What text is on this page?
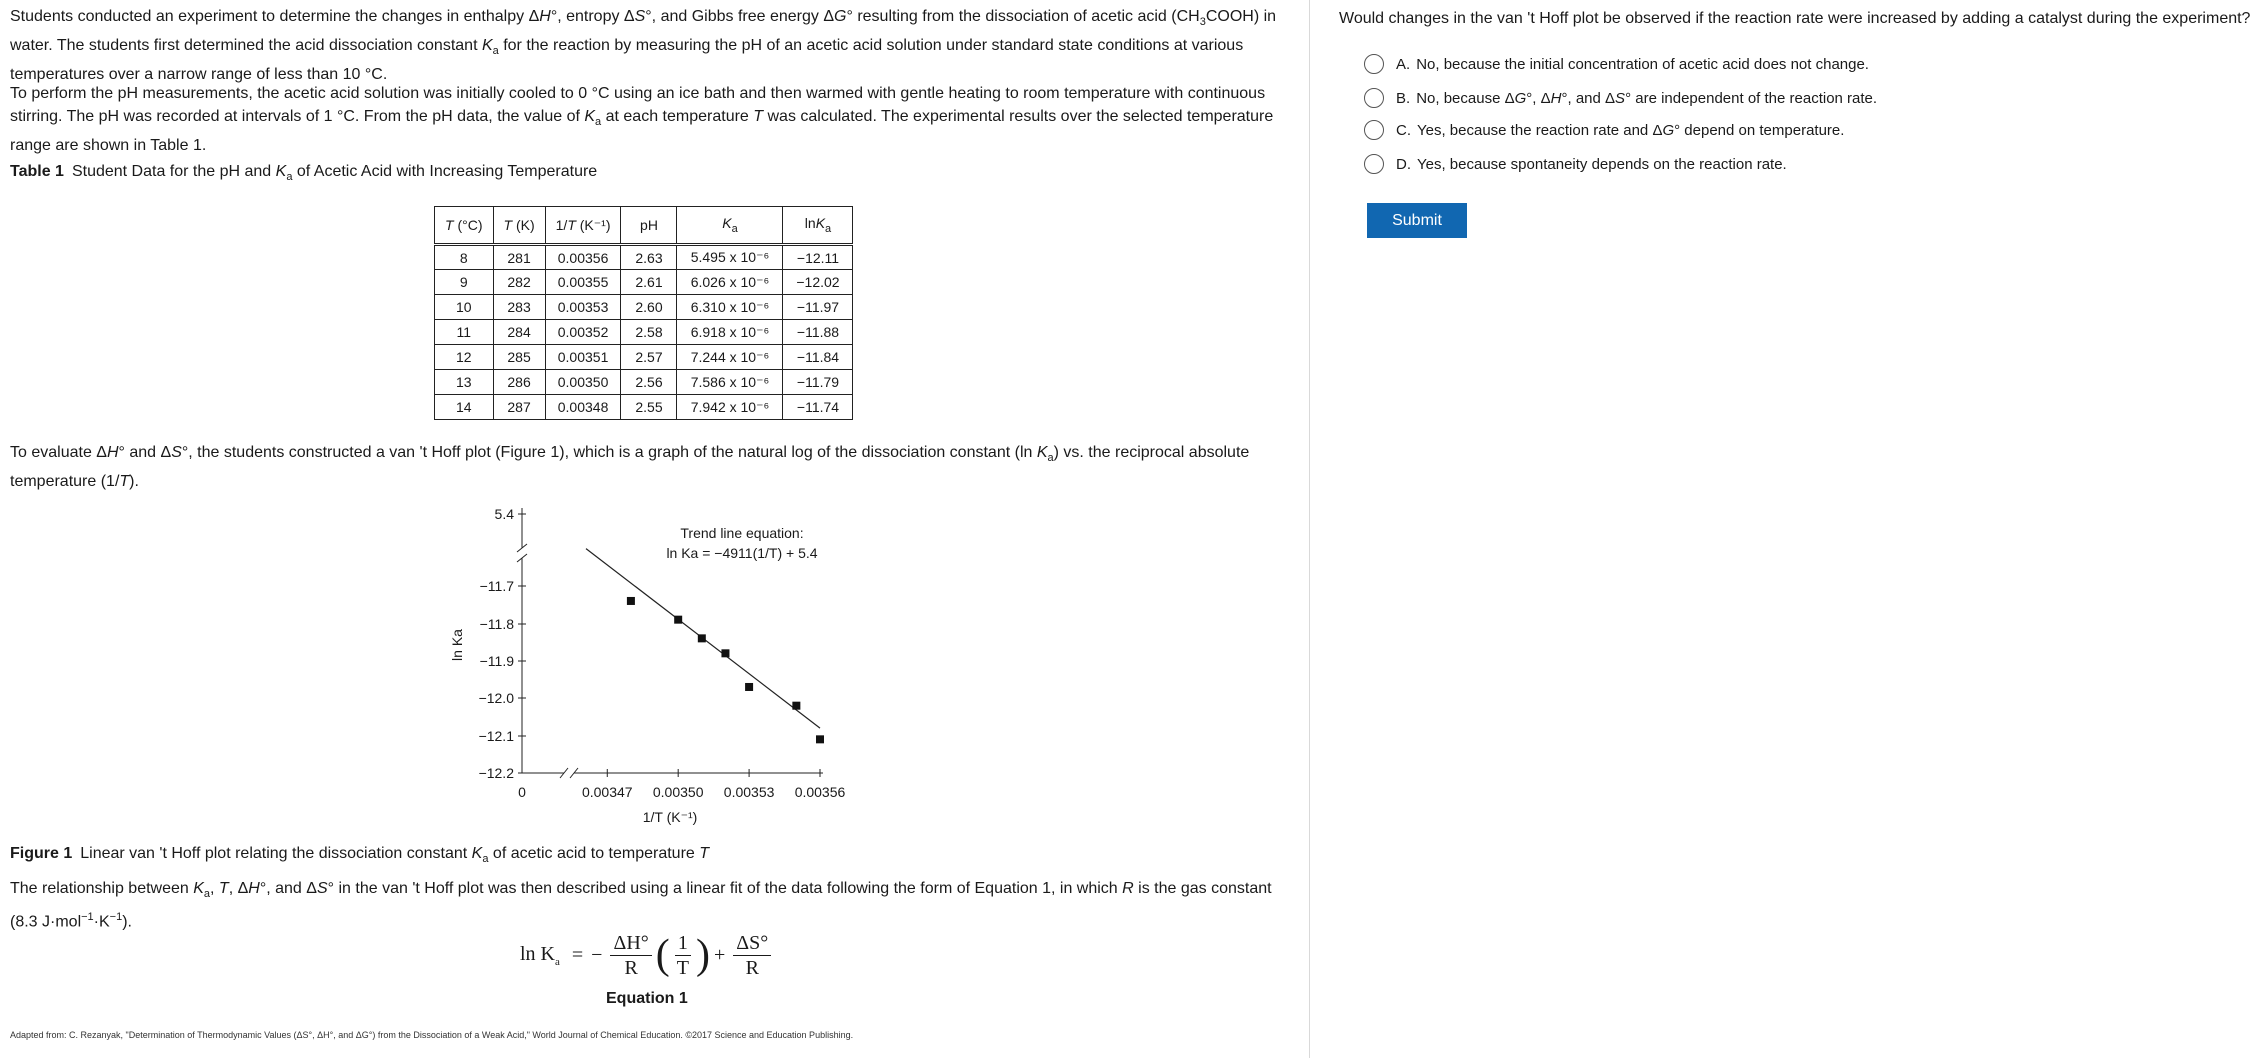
Students conducted an experiment to determine the changes in enthalpy ΔH°, entropy ΔS°, and Gibbs free energy ΔG° resulting from the dissociation of acetic acid $(CH_3COOH)$ in water. The students first determined the acid dissociation constant $K_a$ for the reaction by measuring the pH of an acetic acid solution under standard state conditions at various temperatures over a narrow range of less than 10 °C.

To perform the pH measurements, the acetic acid solution was initially cooled to 0 °C using an ice bath and then warmed with gentle heating to room temperature with continuous stirring. The pH was recorded at intervals of 1 °C. From the pH data, the value of $K_a$ at each temperature T was calculated. The experimental results over the selected temperature range are shown in Table 1.

Table 1 Student Data for the pH and $K_a$ of Acetic Acid with Increasing Temperature
T (°C)	T (K)	1/T (K⁻¹)	pH	$K_a$	lnK$_a$
8	281	0.00356	2.63	5.495 x 10⁻⁶	−12.11
9	282	0.00355	2.61	6.026 x 10⁻⁶	−12.02
10	283	0.00353	2.60	6.310 x 10⁻⁶	−11.97
11	284	0.00352	2.58	6.918 x 10⁻⁶	−11.88
12	285	0.00351	2.57	7.244 x 10⁻⁶	−11.84
13	286	0.00350	2.56	7.586 x 10⁻⁶	−11.79
14	287	0.00348	2.55	7.942 x 10⁻⁶	−11.74

To evaluate ΔH° and ΔS°, the students constructed a van 't Hoff plot (Figure 1), which is a graph of the natural log of the dissociation constant (ln $K_a$) vs. the reciprocal absolute temperature (1/T).

5.4
−11.7
−11.8
−11.9
−12.0
−12.1
−12.2
0	0.00347 0.00350 0.00353 0.00356
1/T (K⁻¹)
ln Ka
Trend line equation:
ln Ka = −4911(1/T) + 5.4
Figure 1 Linear van 't Hoff plot relating the dissociation constant $K_a$ of acetic acid to temperature T

The relationship between $K_a$, T, ΔH°, and ΔS° in the van 't Hoff plot was then described using a linear fit of the data following the form of Equation 1, in which R is the gas constant (8.3 $J\cdot mol^{-1}\cdot K^{-1}$).

$\ln K_a$ = − $\frac{\Delta H^\circ}{R}$ ( $\frac{1}{T}$ ) + $\frac{\Delta S^\circ}{R}$
Equation 1
Adapted from: C. Rezanyak, "Determination of Thermodynamic Values (ΔS°, ΔH°, and ΔG°) from the Dissociation of a Weak Acid," World Journal of Chemical Education. ©2017 Science and Education Publishing.
Would changes in the van 't Hoff plot be observed if the reaction rate were increased by adding a catalyst during the experiment?
A. No, because the initial concentration of acetic acid does not change.
B. No, because ΔG°, ΔH°, and ΔS° are independent of the reaction rate.
C. Yes, because the reaction rate and ΔG° depend on temperature.
D. Yes, because spontaneity depends on the reaction rate.
Submit
